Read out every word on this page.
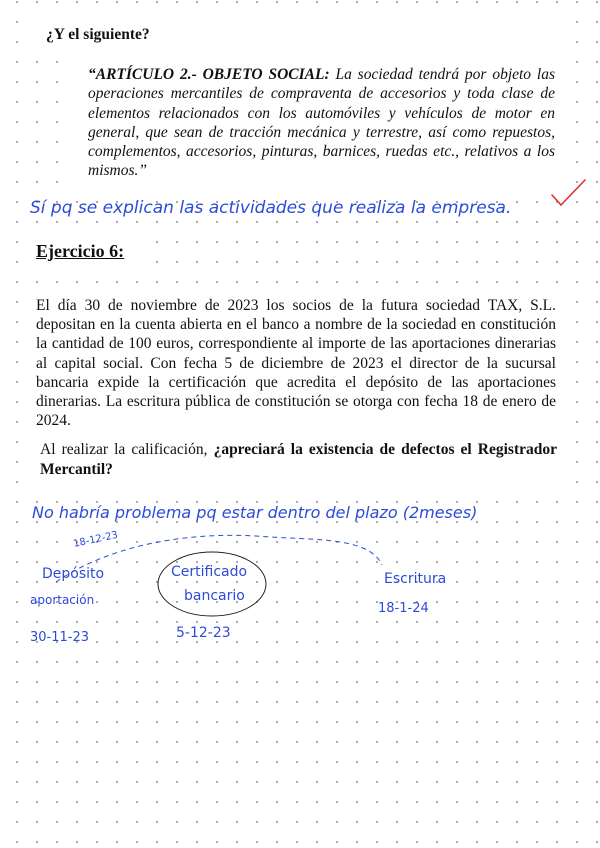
¿Y el siguiente?

“ARTÍCULO 2.- OBJETO SOCIAL: La sociedad tendrá por objeto las operaciones mercantiles de compraventa de accesorios y toda clase de elementos relacionados con los automóviles y vehículos de motor en general, que sean de tracción mecánica y terrestre, así como repuestos, complementos, accesorios, pinturas, barnices, ruedas etc., relativos a los mismos.”

Ejercicio 6:

El día 30 de noviembre de 2023 los socios de la futura sociedad TAX, S.L. depositan en la cuenta abierta en el banco a nombre de la sociedad en constitución la cantidad de 100 euros, correspondiente al importe de las aportaciones dinerarias al capital social. Con fecha 5 de diciembre de 2023 el director de la sucursal bancaria expide la certificación que acredita el depósito de las aportaciones dinerarias. La escritura pública de constitución se otorga con fecha 18 de enero de 2024.

Al realizar la calificación, ¿apreciará la existencia de defectos el Registrador Mercantil?

Sí pq se explican las actividades que realiza la empresa.
No habría problema pq estar dentro del plazo (2meses)
18-12-23
Depósito
aportación
30-11-23
Certificado
bancario
5-12-23
Escritura
18-1-24
